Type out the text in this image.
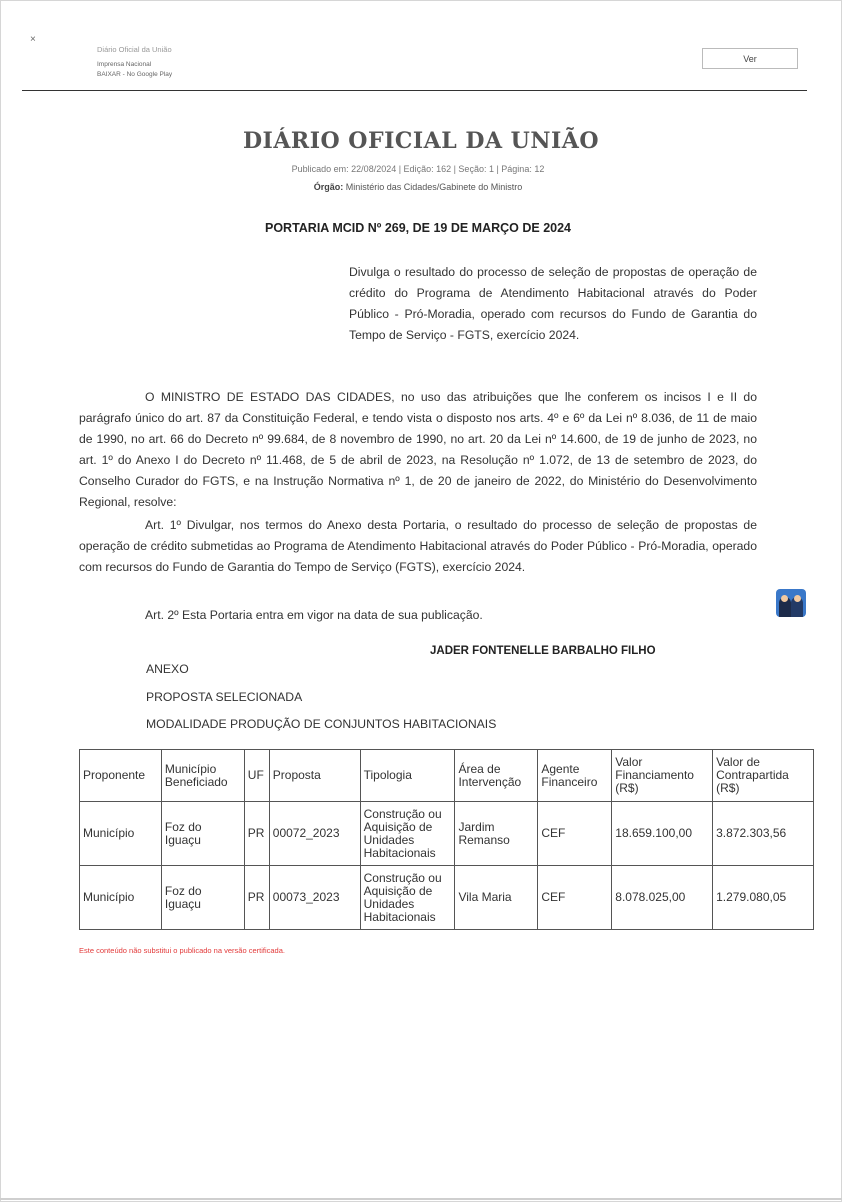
×
Diário Oficial da União
Imprensa Nacional
BAIXAR - No Google Play
Ver
DIÁRIO OFICIAL DA UNIÃO
Publicado em: 22/08/2024 | Edição: 162 | Seção: 1 | Página: 12
Órgão: Ministério das Cidades/Gabinete do Ministro
PORTARIA MCID Nº 269, DE 19 DE MARÇO DE 2024
Divulga o resultado do processo de seleção de propostas de operação de crédito do Programa de Atendimento Habitacional através do Poder Público - Pró-Moradia, operado com recursos do Fundo de Garantia do Tempo de Serviço - FGTS, exercício 2024.
O MINISTRO DE ESTADO DAS CIDADES, no uso das atribuições que lhe conferem os incisos I e II do parágrafo único do art. 87 da Constituição Federal, e tendo vista o disposto nos arts. 4º e 6º da Lei nº 8.036, de 11 de maio de 1990, no art. 66 do Decreto nº 99.684, de 8 novembro de 1990, no art. 20 da Lei nº 14.600, de 19 de junho de 2023, no art. 1º do Anexo I do Decreto nº 11.468, de 5 de abril de 2023, na Resolução nº 1.072, de 13 de setembro de 2023, do Conselho Curador do FGTS, e na Instrução Normativa nº 1, de 20 de janeiro de 2022, do Ministério do Desenvolvimento Regional, resolve:
Art. 1º Divulgar, nos termos do Anexo desta Portaria, o resultado do processo de seleção de propostas de operação de crédito submetidas ao Programa de Atendimento Habitacional através do Poder Público - Pró-Moradia, operado com recursos do Fundo de Garantia do Tempo de Serviço (FGTS), exercício 2024.
Art. 2º Esta Portaria entra em vigor na data de sua publicação.
JADER FONTENELLE BARBALHO FILHO
ANEXO
PROPOSTA SELECIONADA
MODALIDADE PRODUÇÃO DE CONJUNTOS HABITACIONAIS
Proponente	Município Beneficiado	UF	Proposta	Tipologia	Área de Intervenção	Agente Financeiro	Valor Financiamento (R$)	Valor de Contrapartida (R$)
Município	Foz do Iguaçu	PR	00072_2023	Construção ou Aquisição de Unidades Habitacionais	Jardim Remanso	CEF	18.659.100,00	3.872.303,56
Município	Foz do Iguaçu	PR	00073_2023	Construção ou Aquisição de Unidades Habitacionais	Vila Maria	CEF	8.078.025,00	1.279.080,05
Este conteúdo não substitui o publicado na versão certificada.
